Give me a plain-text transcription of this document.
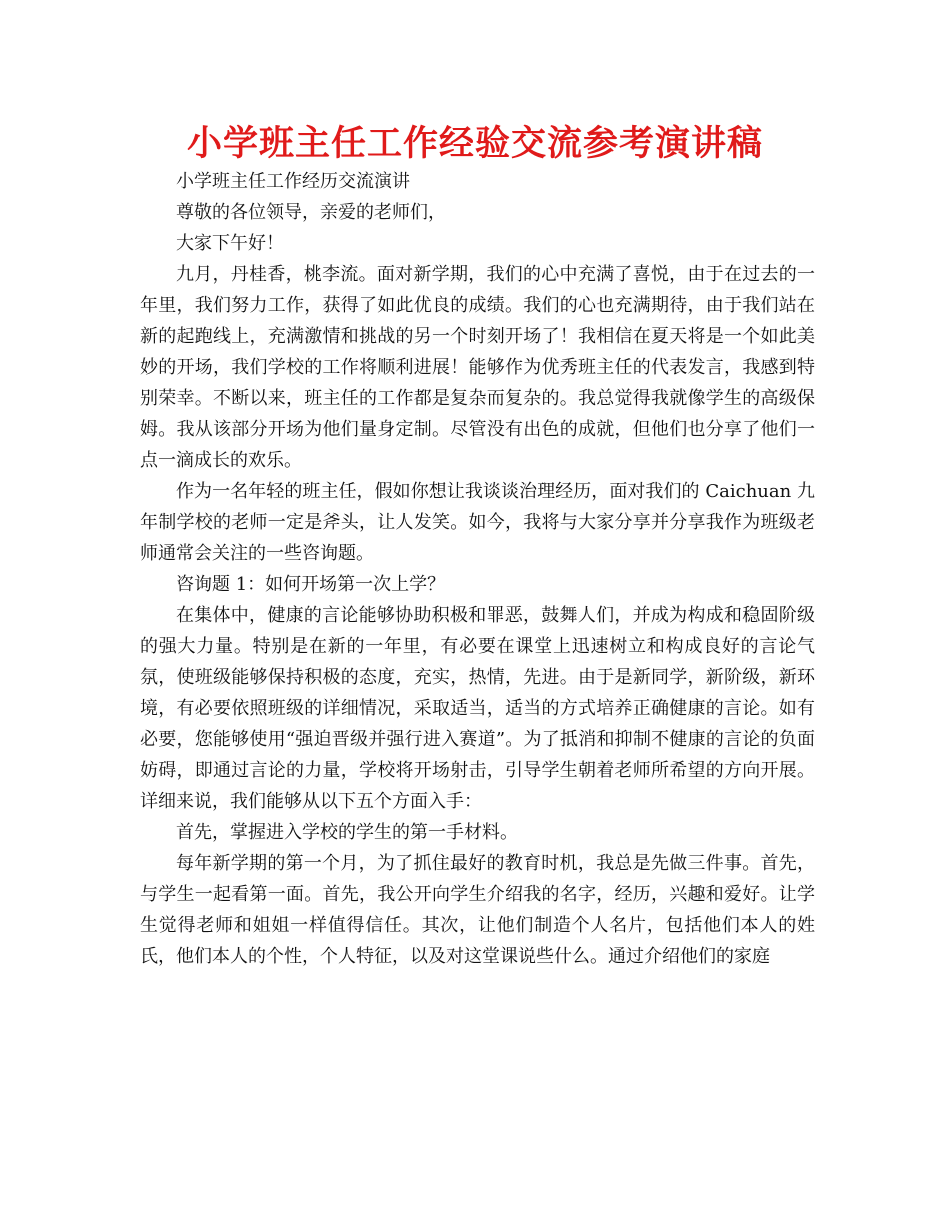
小学班主任工作经验交流参考演讲稿

小学班主任工作经历交流演讲

尊敬的各位领导，亲爱的老师们，

大家下午好！

九月，丹桂香，桃李流。面对新学期，我们的心中充满了喜悦，由于在过去的一年里，我们努力工作，获得了如此优良的成绩。我们的心也充满期待，由于我们站在新的起跑线上，充满激情和挑战的另一个时刻开场了！我相信在夏天将是一个如此美妙的开场，我们学校的工作将顺利进展！能够作为优秀班主任的代表发言，我感到特别荣幸。不断以来，班主任的工作都是复杂而复杂的。我总觉得我就像学生的高级保姆。我从该部分开场为他们量身定制。尽管没有出色的成就，但他们也分享了他们一点一滴成长的欢乐。

作为一名年轻的班主任，假如你想让我谈谈治理经历，面对我们的 Caichuan 九年制学校的老师一定是斧头，让人发笑。如今，我将与大家分享并分享我作为班级老师通常会关注的一些咨询题。

咨询题 1：如何开场第一次上学？

在集体中，健康的言论能够协助积极和罪恶，鼓舞人们，并成为构成和稳固阶级的强大力量。特别是在新的一年里，有必要在课堂上迅速树立和构成良好的言论气氛，使班级能够保持积极的态度，充实，热情，先进。由于是新同学，新阶级，新环境，有必要依照班级的详细情况，采取适当，适当的方式培养正确健康的言论。如有必要，您能够使用“强迫晋级并强行进入赛道”。为了抵消和抑制不健康的言论的负面妨碍，即通过言论的力量，学校将开场射击，引导学生朝着老师所希望的方向开展。详细来说，我们能够从以下五个方面入手：

首先，掌握进入学校的学生的第一手材料。

每年新学期的第一个月，为了抓住最好的教育时机，我总是先做三件事。首先，与学生一起看第一面。首先，我公开向学生介绍我的名字，经历，兴趣和爱好。让学生觉得老师和姐姐一样值得信任。其次，让他们制造个人名片，包括他们本人的姓氏，他们本人的个性，个人特征，以及对这堂课说些什么。通过介绍他们的家庭
